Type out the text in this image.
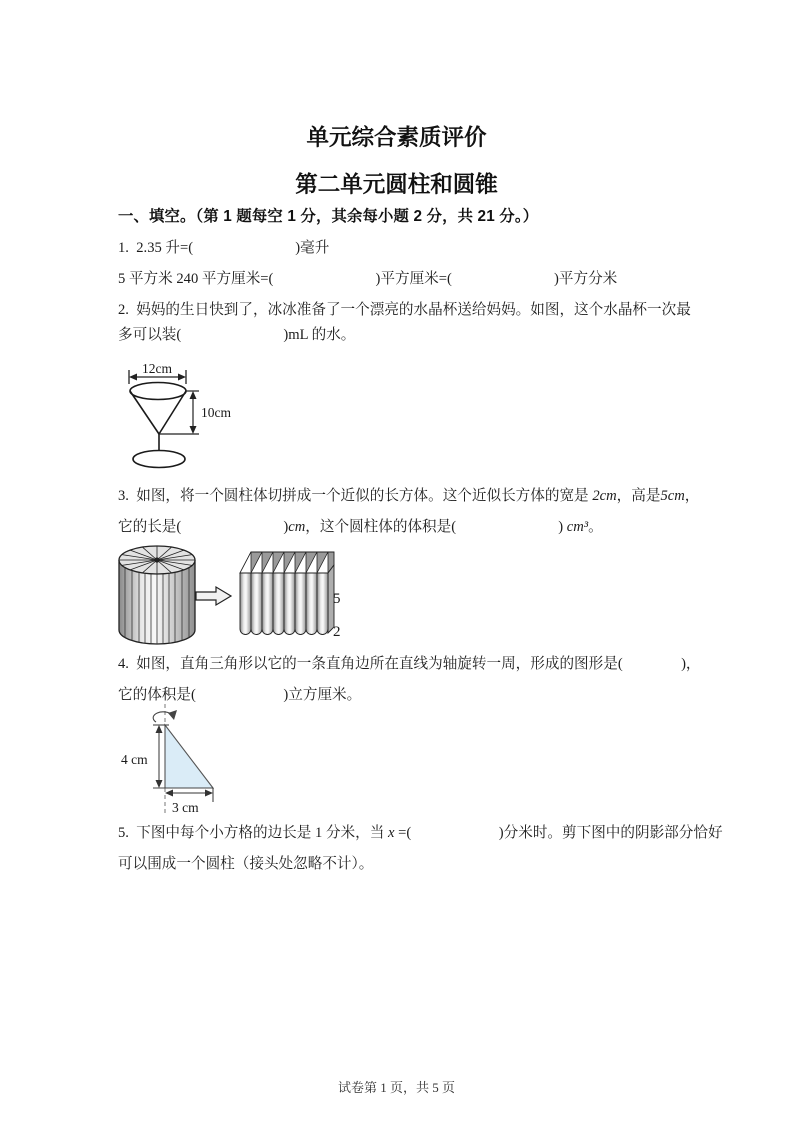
单元综合素质评价
第二单元圆柱和圆锥
一、填空。（第 1 题每空 1 分，其余每小题 2 分，共 21 分。）
1.  2.35 升=(　　　　　　　)毫升
5 平方米 240 平方厘米=(　　　　　　　)平方厘米=(　　　　　　　)平方分米
2.  妈妈的生日快到了，冰冰准备了一个漂亮的水晶杯送给妈妈。如图，这个水晶杯一次最
多可以装(　　　　　　　)mL 的水。
12cm
10cm
3.  如图，将一个圆柱体切拼成一个近似的长方体。这个近似长方体的宽是 2cm，高是5cm，
它的长是(　　　　　　　)cm，这个圆柱体的体积是(　　　　　　　) cm³。
5
2
4.  如图，直角三角形以它的一条直角边所在直线为轴旋转一周，形成的图形是(　　　　)，
它的体积是(　　　　　　)立方厘米。
4 cm
3 cm
5.  下图中每个小方格的边长是 1 分米，当 x =(　　　　　　)分米时。剪下图中的阴影部分恰好
可以围成一个圆柱（接头处忽略不计）。
试卷第 1 页，共 5 页
